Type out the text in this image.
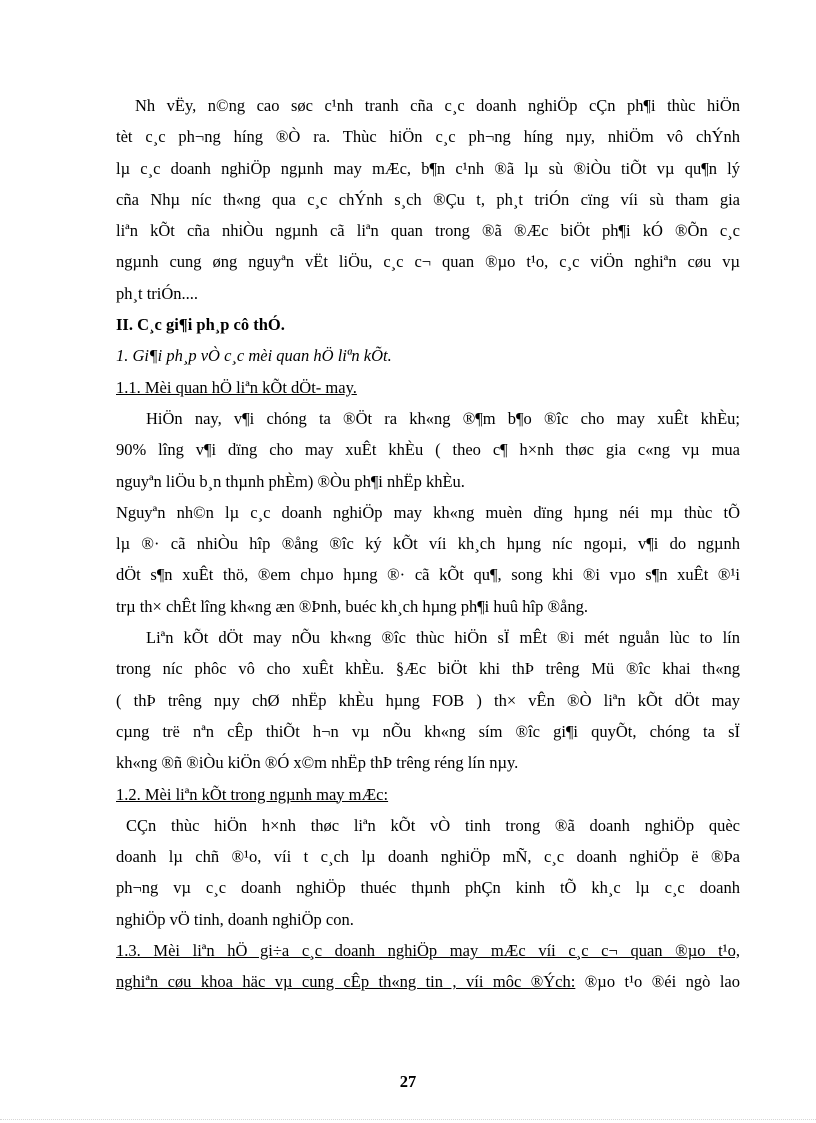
Nh vËy, n©ng cao søc c¹nh tranh cña c¸c doanh nghiÖp cÇn ph¶i thùc hiÖn
tèt c¸c ph¬ng híng ®Ò ra. Thùc hiÖn c¸c ph¬ng híng nµy, nhiÖm vô chÝnh
lµ c¸c doanh nghiÖp ngµnh may mÆc, b¶n c¹nh ®ã lµ sù ®iÒu tiÕt vµ qu¶n lý
cña Nhµ níc th«ng qua c¸c chÝnh s¸ch ®Çu t, ph¸t triÓn cïng víi sù tham gia
liªn kÕt cña nhiÒu ngµnh cã liªn quan trong ®ã ®Æc biÖt ph¶i kÓ ®Õn c¸c
ngµnh cung øng nguyªn vËt liÖu, c¸c c¬ quan ®µo t¹o, c¸c viÖn nghiªn cøu vµ
ph¸t triÓn....
II. C¸c gi¶i ph¸p cô thÓ.
1. Gi¶i ph¸p vÒ c¸c mèi quan hÖ liªn kÕt.
1.1. Mèi quan hÖ liªn kÕt dÖt- may.
HiÖn nay, v¶i chóng ta ®Öt ra kh«ng ®¶m b¶o ®îc cho may xuÊt khÈu;
90% lîng v¶i dïng cho may xuÊt khÈu ( theo c¶ h×nh thøc gia c«ng vµ mua
nguyªn liÖu b¸n thµnh phÈm) ®Òu ph¶i nhËp khÈu.
Nguyªn nh©n lµ c¸c doanh nghiÖp may kh«ng muèn dïng hµng néi mµ thùc tÕ
lµ ®· cã nhiÒu hîp ®ång ®îc ký kÕt víi kh¸ch hµng níc ngoµi, v¶i do ngµnh
dÖt s¶n xuÊt thö, ®em chµo hµng ®· cã kÕt qu¶, song khi ®i vµo s¶n xuÊt ®¹i
trµ th× chÊt lîng kh«ng æn ®Þnh, buéc kh¸ch hµng ph¶i huû hîp ®ång.
Liªn kÕt dÖt may nÕu kh«ng ®îc thùc hiÖn sÏ mÊt ®i mét nguån lùc to lín
trong níc phôc vô cho xuÊt khÈu. §Æc biÖt khi thÞ trêng Mü ®îc khai th«ng
( thÞ trêng nµy chØ nhËp khÈu hµng FOB ) th× vÊn ®Ò liªn kÕt dÖt may
cµng trë nªn cÊp thiÕt h¬n vµ nÕu kh«ng sím ®îc gi¶i quyÕt, chóng ta sÏ
kh«ng ®ñ ®iÒu kiÖn ®Ó x©m nhËp thÞ trêng réng lín nµy.
1.2. Mèi liªn kÕt trong ngµnh may mÆc:
CÇn thùc hiÖn h×nh thøc liªn kÕt vÒ tinh trong ®ã doanh nghiÖp quèc
doanh lµ chñ ®¹o, víi t c¸ch lµ doanh nghiÖp mÑ, c¸c doanh nghiÖp ë ®Þa
ph¬ng vµ c¸c doanh nghiÖp thuéc thµnh phÇn kinh tÕ kh¸c lµ c¸c doanh
nghiÖp vÖ tinh, doanh nghiÖp con.
1.3. Mèi liªn hÖ gi÷a c¸c doanh nghiÖp may mÆc víi c¸c c¬ quan ®µo t¹o,
nghiªn cøu khoa häc vµ cung cÊp th«ng tin , víi môc ®Ých: ®µo t¹o ®éi ngò lao
27
